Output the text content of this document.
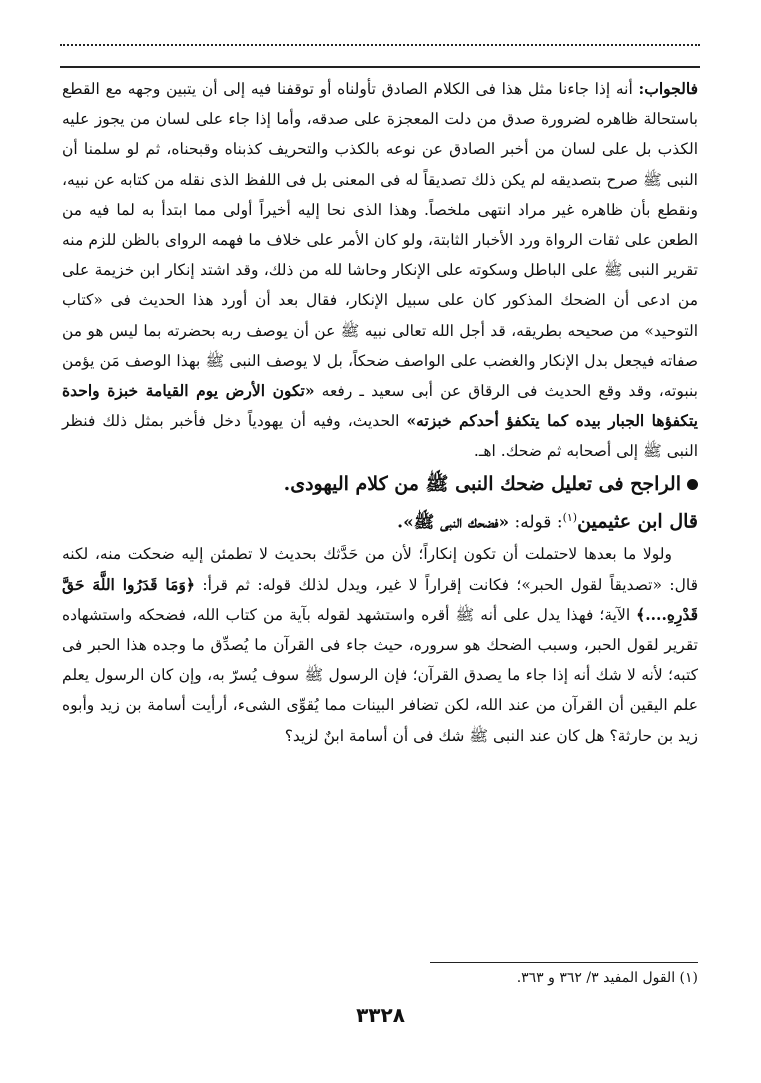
فالجواب: أنه إذا جاءنا مثل هذا فى الكلام الصادق تأولناه أو توقفنا فيه إلى أن يتبين وجهه مع القطع باستحالة ظاهره لضرورة صدق من دلت المعجزة على صدقه، وأما إذا جاء على لسان من يجوز عليه الكذب بل على لسان من أخبر الصادق عن نوعه بالكذب والتحريف كذبناه وقبحناه، ثم لو سلمنا أن النبى ﷺ صرح بتصديقه لم يكن ذلك تصديقاً له فى المعنى بل فى اللفظ الذى نقله من كتابه عن نبيه، ونقطع بأن ظاهره غير مراد انتهى ملخصاً. وهذا الذى نحا إليه أخيراً أولى مما ابتدأ به لما فيه من الطعن على ثقات الرواة ورد الأخبار الثابتة، ولو كان الأمر على خلاف ما فهمه الرواى بالظن للزم منه تقرير النبى ﷺ على الباطل وسكوته على الإنكار وحاشا لله من ذلك، وقد اشتد إنكار ابن خزيمة على من ادعى أن الضحك المذكور كان على سبيل الإنكار، فقال بعد أن أورد هذا الحديث فى «كتاب التوحيد» من صحيحه بطريقه، قد أجل الله تعالى نبيه ﷺ عن أن يوصف ربه بحضرته بما ليس هو من صفاته فيجعل بدل الإنكار والغضب على الواصف ضحكاً، بل لا يوصف النبى ﷺ بهذا الوصف مَن يؤمن بنبوته، وقد وقع الحديث فى الرقاق عن أبى سعيد ـ رفعه «تكون الأرض يوم القيامة خبزة واحدة يتكفؤها الجبار بيده كما يتكفؤ أحدكم خبزته» الحديث، وفيه أن يهودياً دخل فأخبر بمثل ذلك فنظر النبى ﷺ إلى أصحابه ثم ضحك. اهـ.

الراجح فى تعليل ضحك النبى ﷺ من كلام اليهودى.

قال ابن عثيمين$^{(١)}$: قوله: «فضحك النبى ﷺ».

ولولا ما بعدها لاحتملت أن تكون إنكاراً؛ لأن من حَدَّثك بحديث لا تطمئن إليه ضحكت منه، لكنه قال: «تصديقاً لقول الحبر»؛ فكانت إقراراً لا غير، ويدل لذلك قوله: ثم قرأ: ﴿وَمَا قَدَرُوا اللَّهَ حَقَّ قَدْرِهِ....﴾ الآية؛ فهذا يدل على أنه ﷺ أقره واستشهد لقوله بآية من كتاب الله، فضحكه واستشهاده تقرير لقول الحبر، وسبب الضحك هو سروره، حيث جاء فى القرآن ما يُصدِّق ما وجده هذا الحبر فى كتبه؛ لأنه لا شك أنه إذا جاء ما يصدق القرآن؛ فإن الرسول ﷺ سوف يُسرّ به، وإن كان الرسول يعلم علم اليقين أن القرآن من عند الله، لكن تضافر البينات مما يُقوِّى الشىء، أرأيت أسامة بن زيد وأبوه زيد بن حارثة؟ هل كان عند النبى ﷺ شك فى أن أسامة ابنٌ لزيد؟

(١) القول المفيد ٣/ ٣٦٢ و ٣٦٣.
٣٣٢٨
